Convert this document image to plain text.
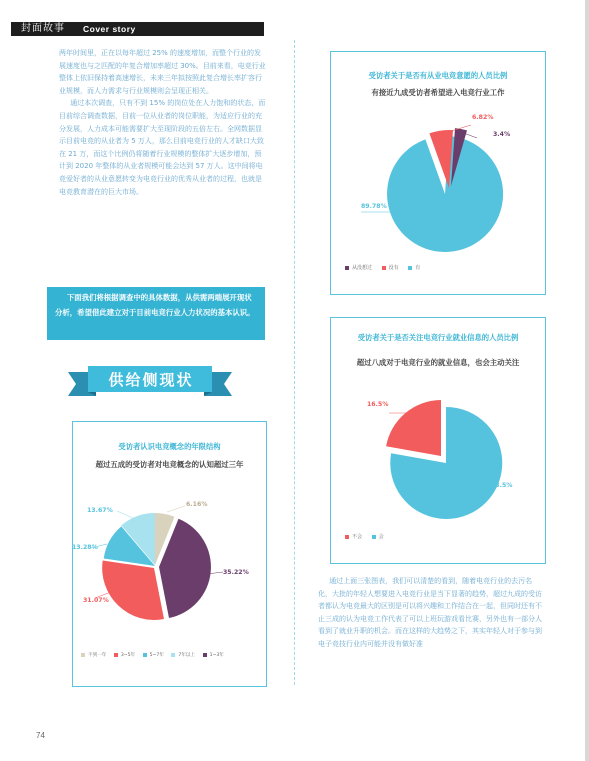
封面故事 Cover story

两年时间里，正在以每年超过 25% 的速度增加，而整个行业的发展速度也与之匹配的年复合增加率超过 30%。目前来看，电竞行业整体上依旧保持着高速增长，未来三年拟按照此复合增长率扩容行业规模，而人力需求与行业规模则会呈现正相关。

通过本次调查，只有不到 15% 的岗位处在人力饱和的状态，而目前综合调查数据，目前一位从业者的岗位职能，为适应行业的充分发展，人力成本可能需要扩大至现阶段的五倍左右。全网数据显示目前电竞的从业者为 5 万人，那么目前电竞行业的人才缺口大致在 21 万，而这个比例仍将随着行业规模的整体扩大逐步增加，预计到 2020 年整体的从业者规模可能会达到 57 万人。这中间将电竞爱好者的从业意愿转变为电竞行业的优秀从业者的过程，也就是电竞教育潜在的巨大市场。

下面我们将根据调查中的具体数据，从供需两端展开现状分析，希望借此建立对于目前电竞行业人力状况的基本认识。
供给侧现状
受访者关于是否有从业电竞意愿的人员比例
有接近九成受访者希望进入电竞行业工作
6.82%
3.4%
89.78%
从没想过	没有	有
受访者关于是否关注电竞行业就业信息的人员比例
超过八成对于电竞行业的就业信息，也会主动关注
16.5%
83.5%
不会	会
受访者认识电竞概念的年限结构
超过五成的受访者对电竞概念的认知超过三年
6.16%
35.22%
31.07%
13.28%
13.67%
不到一年	3~5年	5~7年	7年以上	1~3年

通过上面三张图表，我们可以清楚的看到，随着电竞行业的去污名化，大批的年轻人想要进入电竞行业是当下显著的趋势，超过九成的受访者都认为电竞最大的区别是可以将兴趣和工作结合在一起，但同时还有不止三成的认为电竞工作代表了可以上班玩游戏看比赛，另外也有一部分人看到了就业升职的机会。而在这样的大趋势之下，其实年轻人对于参与到电子竞技行业内可能并没有做好准

74
